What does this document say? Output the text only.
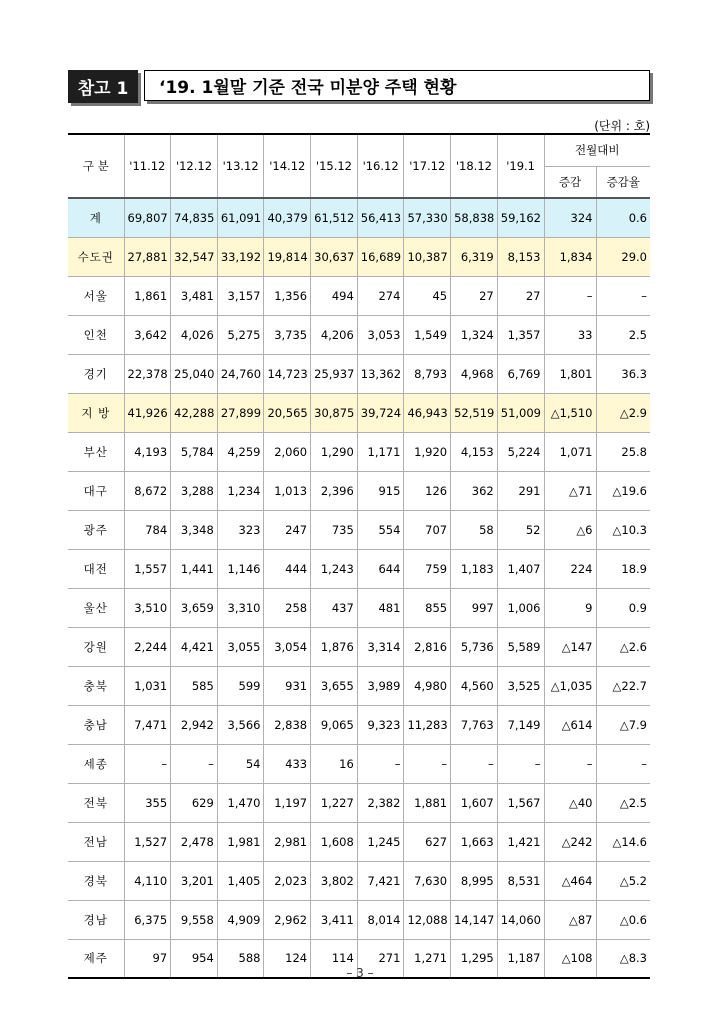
참고 1	‘19. 1월말 기준 전국 미분양 주택 현황
(단위 : 호)
구 분	'11.12	'12.12	'13.12	'14.12	'15.12	'16.12	'17.12	'18.12	'19.1	전월대비	
										증감	증감율
계	69,807	74,835	61,091	40,379	61,512	56,413	57,330	58,838	59,162	324	0.6
수도권	27,881	32,547	33,192	19,814	30,637	16,689	10,387	6,319	8,153	1,834	29.0
서울	1,861	3,481	3,157	1,356	494	274	45	27	27	–	–
인천	3,642	4,026	5,275	3,735	4,206	3,053	1,549	1,324	1,357	33	2.5
경기	22,378	25,040	24,760	14,723	25,937	13,362	8,793	4,968	6,769	1,801	36.3
지 방	41,926	42,288	27,899	20,565	30,875	39,724	46,943	52,519	51,009	△1,510	△2.9
부산	4,193	5,784	4,259	2,060	1,290	1,171	1,920	4,153	5,224	1,071	25.8
대구	8,672	3,288	1,234	1,013	2,396	915	126	362	291	△71	△19.6
광주	784	3,348	323	247	735	554	707	58	52	△6	△10.3
대전	1,557	1,441	1,146	444	1,243	644	759	1,183	1,407	224	18.9
울산	3,510	3,659	3,310	258	437	481	855	997	1,006	9	0.9
강원	2,244	4,421	3,055	3,054	1,876	3,314	2,816	5,736	5,589	△147	△2.6
충북	1,031	585	599	931	3,655	3,989	4,980	4,560	3,525	△1,035	△22.7
충남	7,471	2,942	3,566	2,838	9,065	9,323	11,283	7,763	7,149	△614	△7.9
세종	–	–	54	433	16	–	–	–	–	–	–
전북	355	629	1,470	1,197	1,227	2,382	1,881	1,607	1,567	△40	△2.5
전남	1,527	2,478	1,981	2,981	1,608	1,245	627	1,663	1,421	△242	△14.6
경북	4,110	3,201	1,405	2,023	3,802	7,421	7,630	8,995	8,531	△464	△5.2
경남	6,375	9,558	4,909	2,962	3,411	8,014	12,088	14,147	14,060	△87	△0.6
제주	97	954	588	124	114	271	1,271	1,295	1,187	△108	△8.3
– 3 –
